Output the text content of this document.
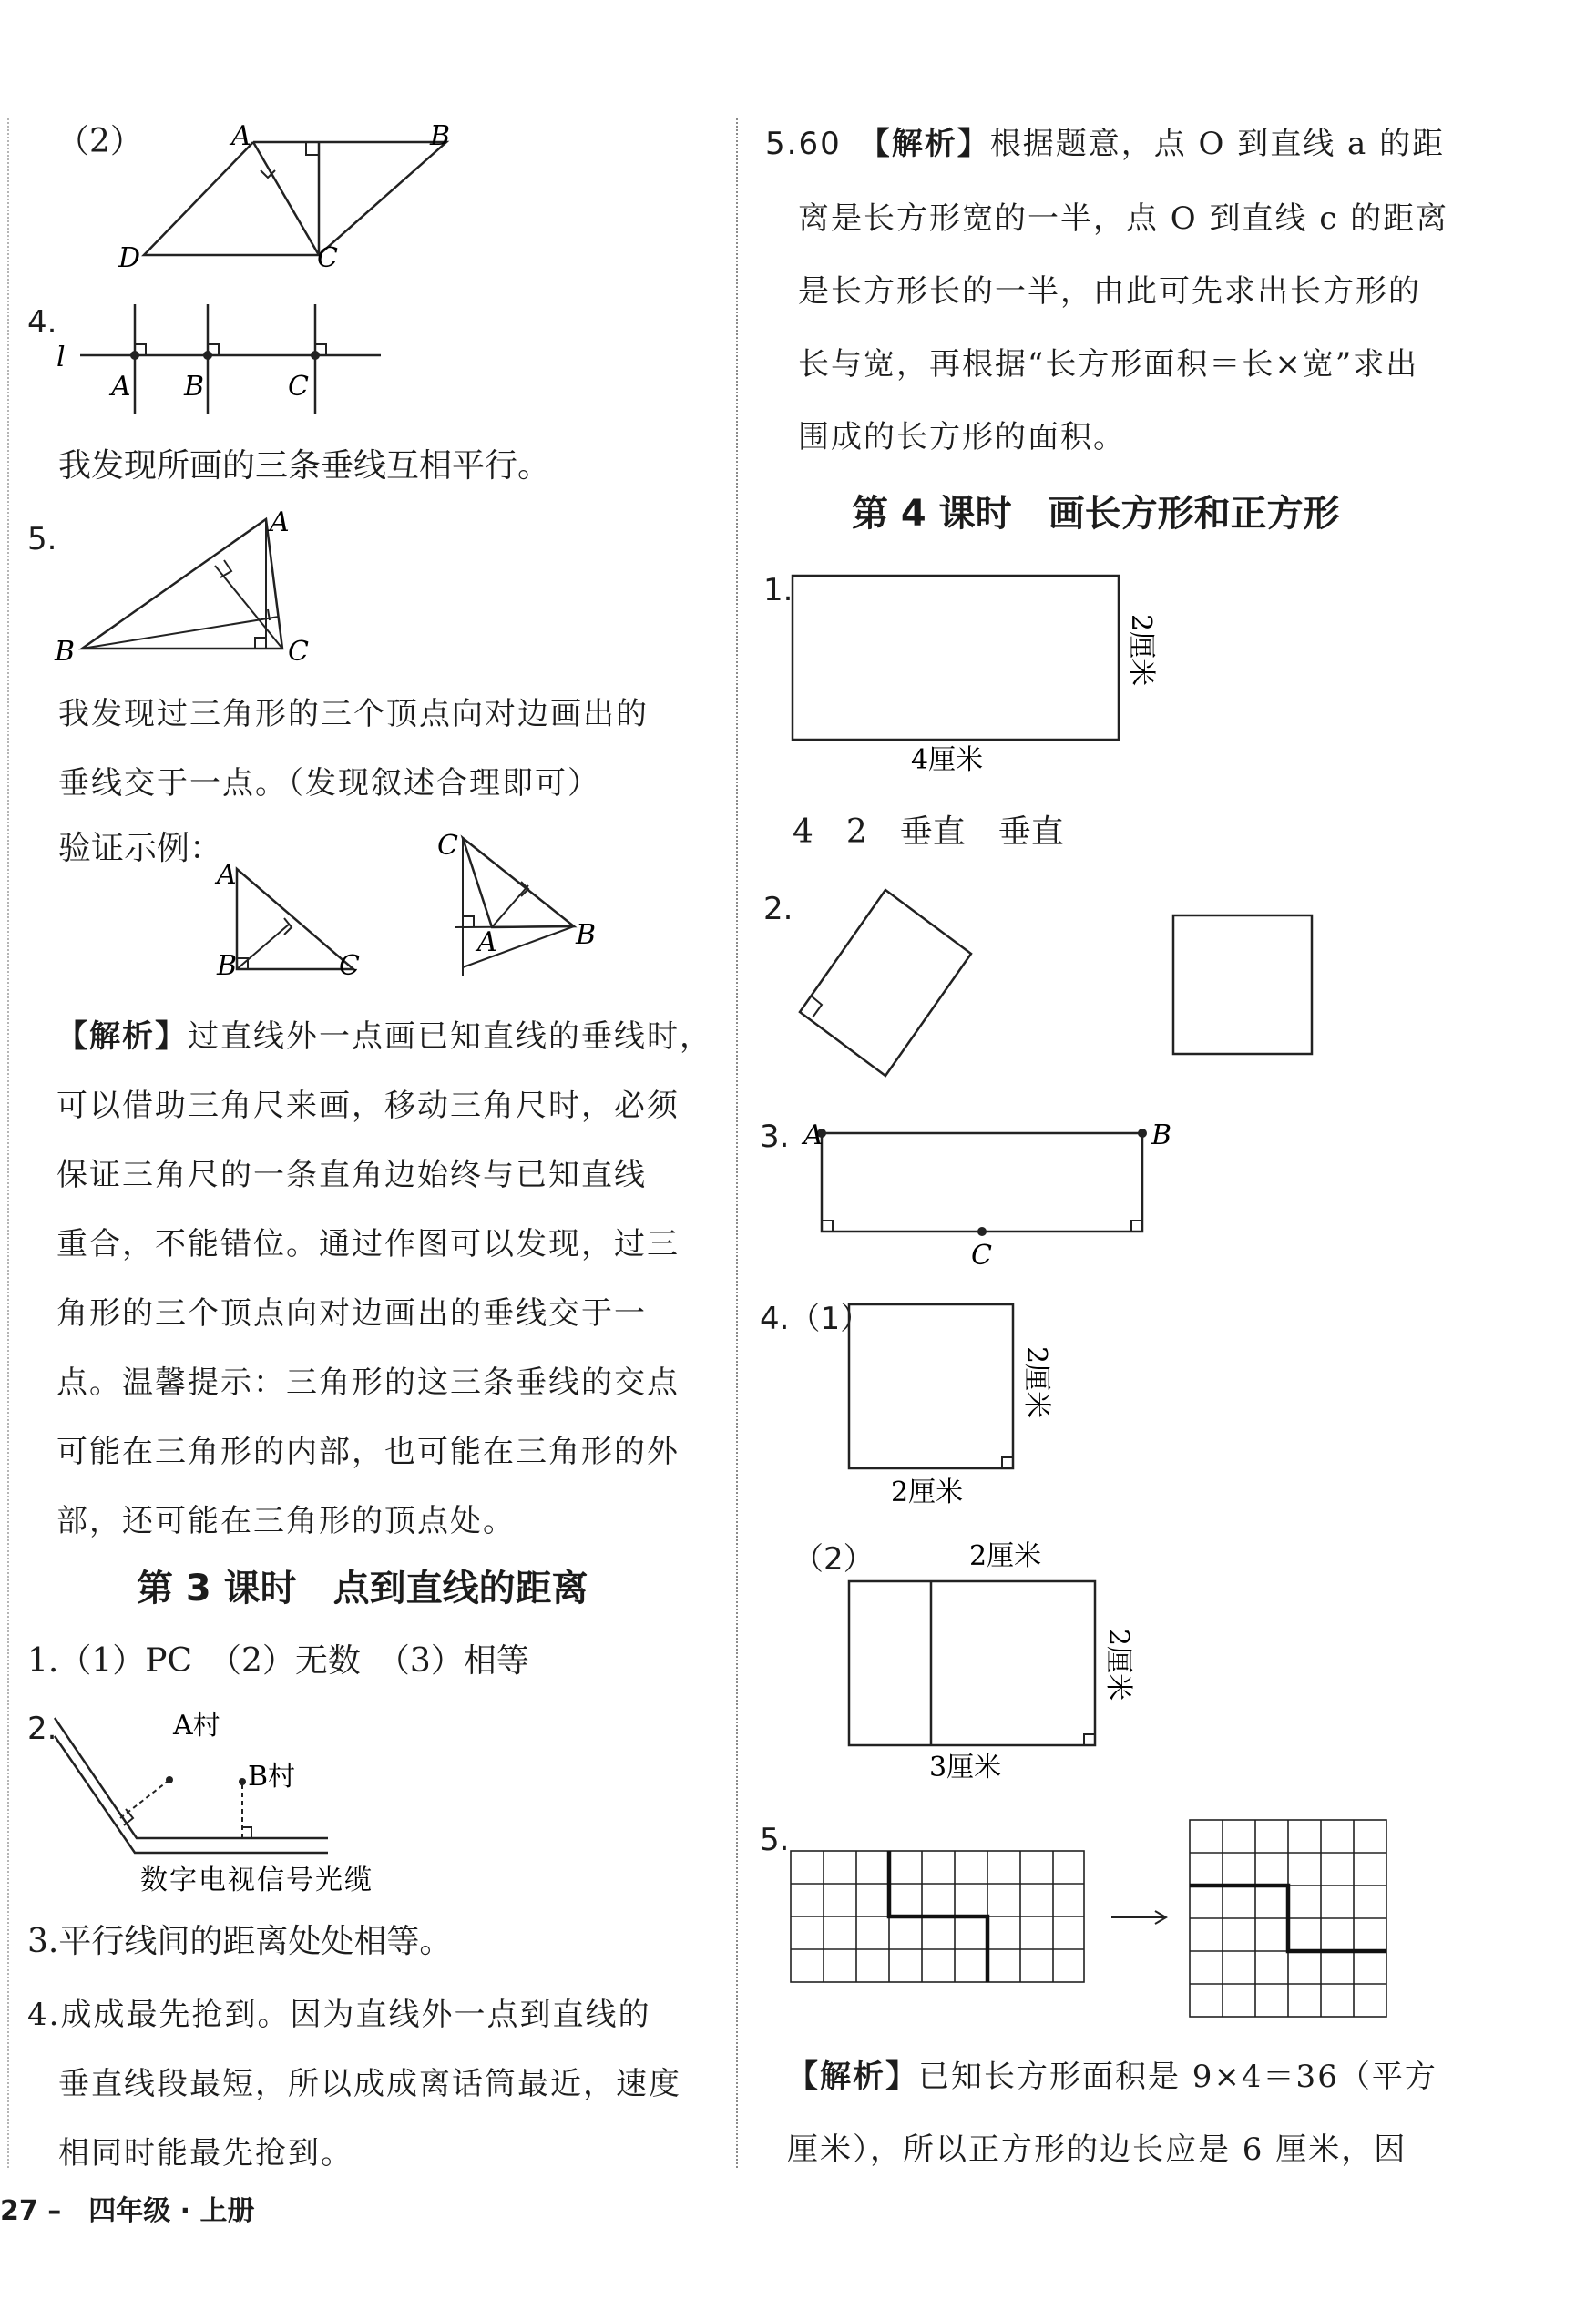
（2）	A	B
C
D
4.
l
A B	C
我发现所画的三条垂线互相平行。
5.
B
A
C
我发现过三角形的三个顶点向对边画出的
垂线交于一点。（发现叙述合理即可）
验证示例：
A
B	C
C
A	B
【解析】过直线外一点画已知直线的垂线时，
可以借助三角尺来画，移动三角尺时，必须
保证三角尺的一条直角边始终与已知直线
重合，不能错位。通过作图可以发现，过三
角形的三个顶点向对边画出的垂线交于一
点。温馨提示：三角形的这三条垂线的交点
可能在三角形的内部，也可能在三角形的外
部，还可能在三角形的顶点处。
第 3 课时　点到直线的距离
1.（1）PC　（2）无数　（3）相等
2.	A村
B村
数字电视信号光缆
3.平行线间的距离处处相等。
4.成成最先抢到。因为直线外一点到直线的
垂直线段最短，所以成成离话筒最近，速度
相同时能最先抢到。
5.60　 【解析】根据题意，点 O 到直线 a 的距
离是长方形宽的一半，点 O 到直线 c 的距离
是长方形长的一半，由此可先求出长方形的
长与宽，再根据“长方形面积＝长×宽”求出
围成的长方形的面积。
第 4 课时　画长方形和正方形
1.
4厘米
2厘米
4　2　垂直　垂直
2.
3. A	B
C
4.（1）
2厘米
2厘米
（2）	2厘米
2厘米
3厘米
5.
【解析】已知长方形面积是 9×4＝36（平方
厘米），所以正方形的边长应是 6 厘米，因
27 –　四年级 · 上册
